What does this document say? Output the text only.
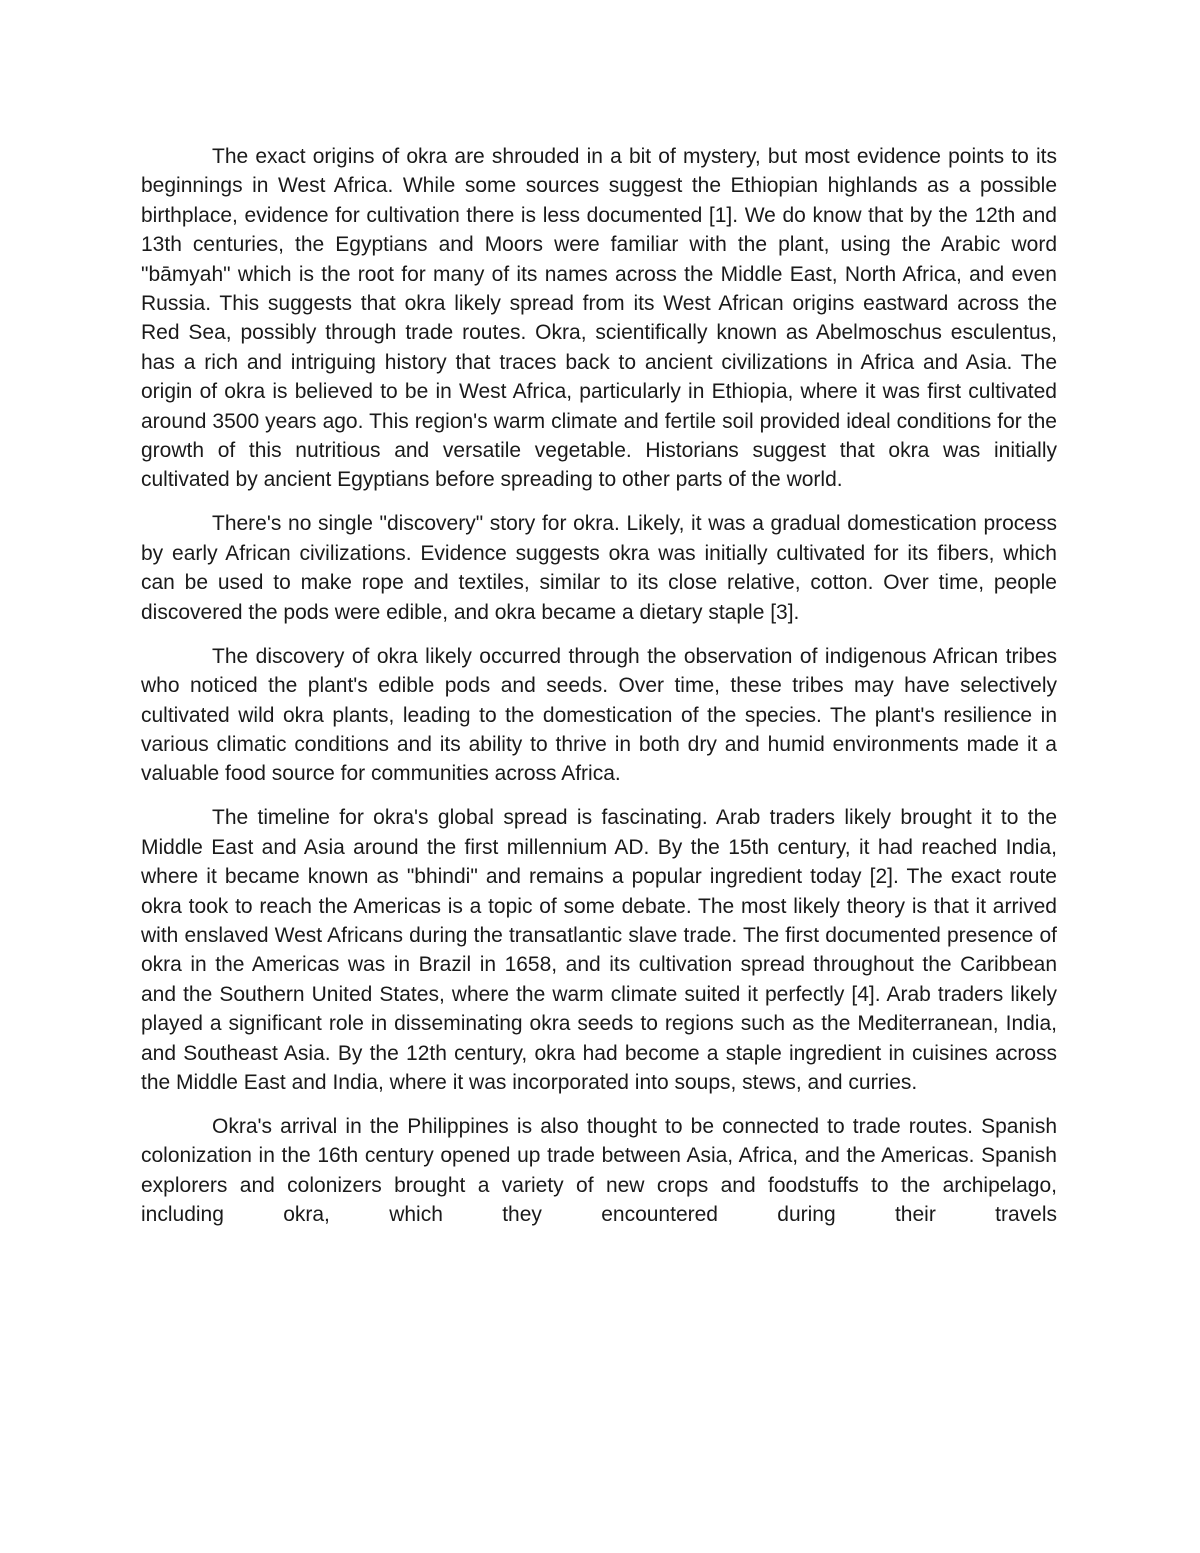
The exact origins of okra are shrouded in a bit of mystery, but most evidence points to its beginnings in West Africa. While some sources suggest the Ethiopian highlands as a possible birthplace, evidence for cultivation there is less documented [1]. We do know that by the 12th and 13th centuries, the Egyptians and Moors were familiar with the plant, using the Arabic word "bāmyah" which is the root for many of its names across the Middle East, North Africa, and even Russia. This suggests that okra likely spread from its West African origins eastward across the Red Sea, possibly through trade routes. Okra, scientifically known as Abelmoschus esculentus, has a rich and intriguing history that traces back to ancient civilizations in Africa and Asia. The origin of okra is believed to be in West Africa, particularly in Ethiopia, where it was first cultivated around 3500 years ago. This region's warm climate and fertile soil provided ideal conditions for the growth of this nutritious and versatile vegetable. Historians suggest that okra was initially cultivated by ancient Egyptians before spreading to other parts of the world.

There's no single "discovery" story for okra. Likely, it was a gradual domestication process by early African civilizations. Evidence suggests okra was initially cultivated for its fibers, which can be used to make rope and textiles, similar to its close relative, cotton. Over time, people discovered the pods were edible, and okra became a dietary staple [3].

The discovery of okra likely occurred through the observation of indigenous African tribes who noticed the plant's edible pods and seeds. Over time, these tribes may have selectively cultivated wild okra plants, leading to the domestication of the species. The plant's resilience in various climatic conditions and its ability to thrive in both dry and humid environments made it a valuable food source for communities across Africa.

The timeline for okra's global spread is fascinating. Arab traders likely brought it to the Middle East and Asia around the first millennium AD. By the 15th century, it had reached India, where it became known as "bhindi" and remains a popular ingredient today [2]. The exact route okra took to reach the Americas is a topic of some debate. The most likely theory is that it arrived with enslaved West Africans during the transatlantic slave trade. The first documented presence of okra in the Americas was in Brazil in 1658, and its cultivation spread throughout the Caribbean and the Southern United States, where the warm climate suited it perfectly [4]. Arab traders likely played a significant role in disseminating okra seeds to regions such as the Mediterranean, India, and Southeast Asia. By the 12th century, okra had become a staple ingredient in cuisines across the Middle East and India, where it was incorporated into soups, stews, and curries.

Okra's arrival in the Philippines is also thought to be connected to trade routes. Spanish colonization in the 16th century opened up trade between Asia, Africa, and the Americas. Spanish explorers and colonizers brought a variety of new crops and foodstuffs to the archipelago, including okra, which they encountered during their travels
